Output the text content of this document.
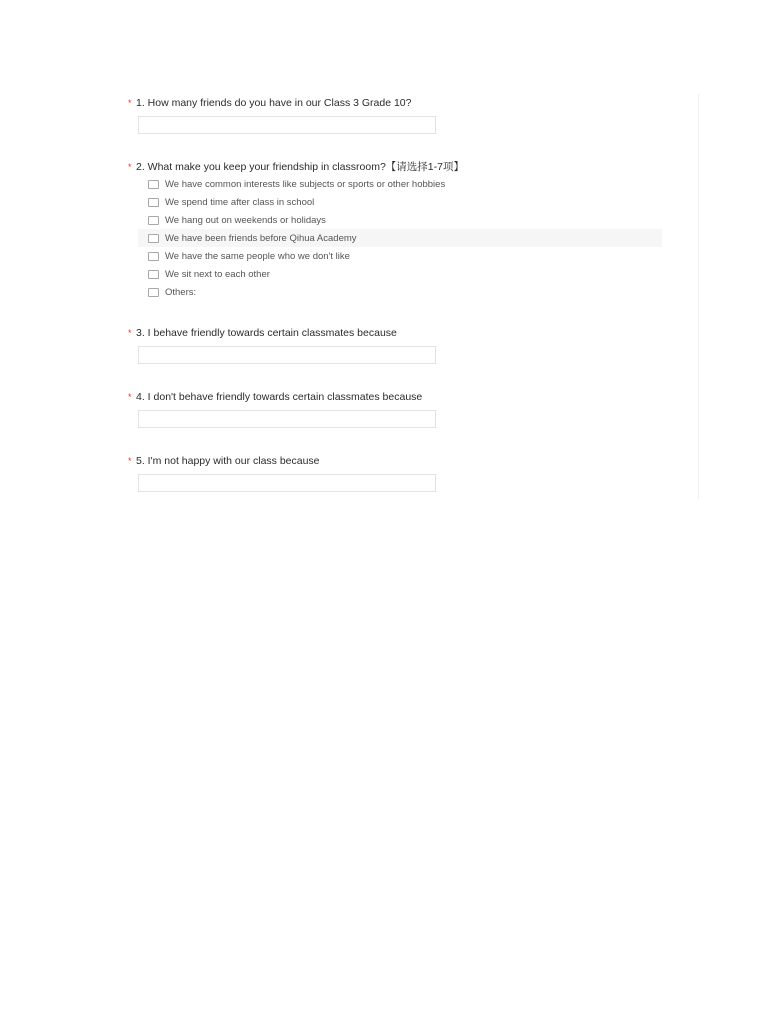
* 1. How many friends do you have in our Class 3 Grade 10?
* 2. What make you keep your friendship in classroom?【请选择1-7项】
We have common interests like subjects or sports or other hobbies
We spend time after class in school
We hang out on weekends or holidays
We have been friends before Qihua Academy
We have the same people who we don't like
We sit next to each other
Others:
* 3. I behave friendly towards certain classmates because
* 4. I don't behave friendly towards certain classmates because
* 5. I'm not happy with our class because
